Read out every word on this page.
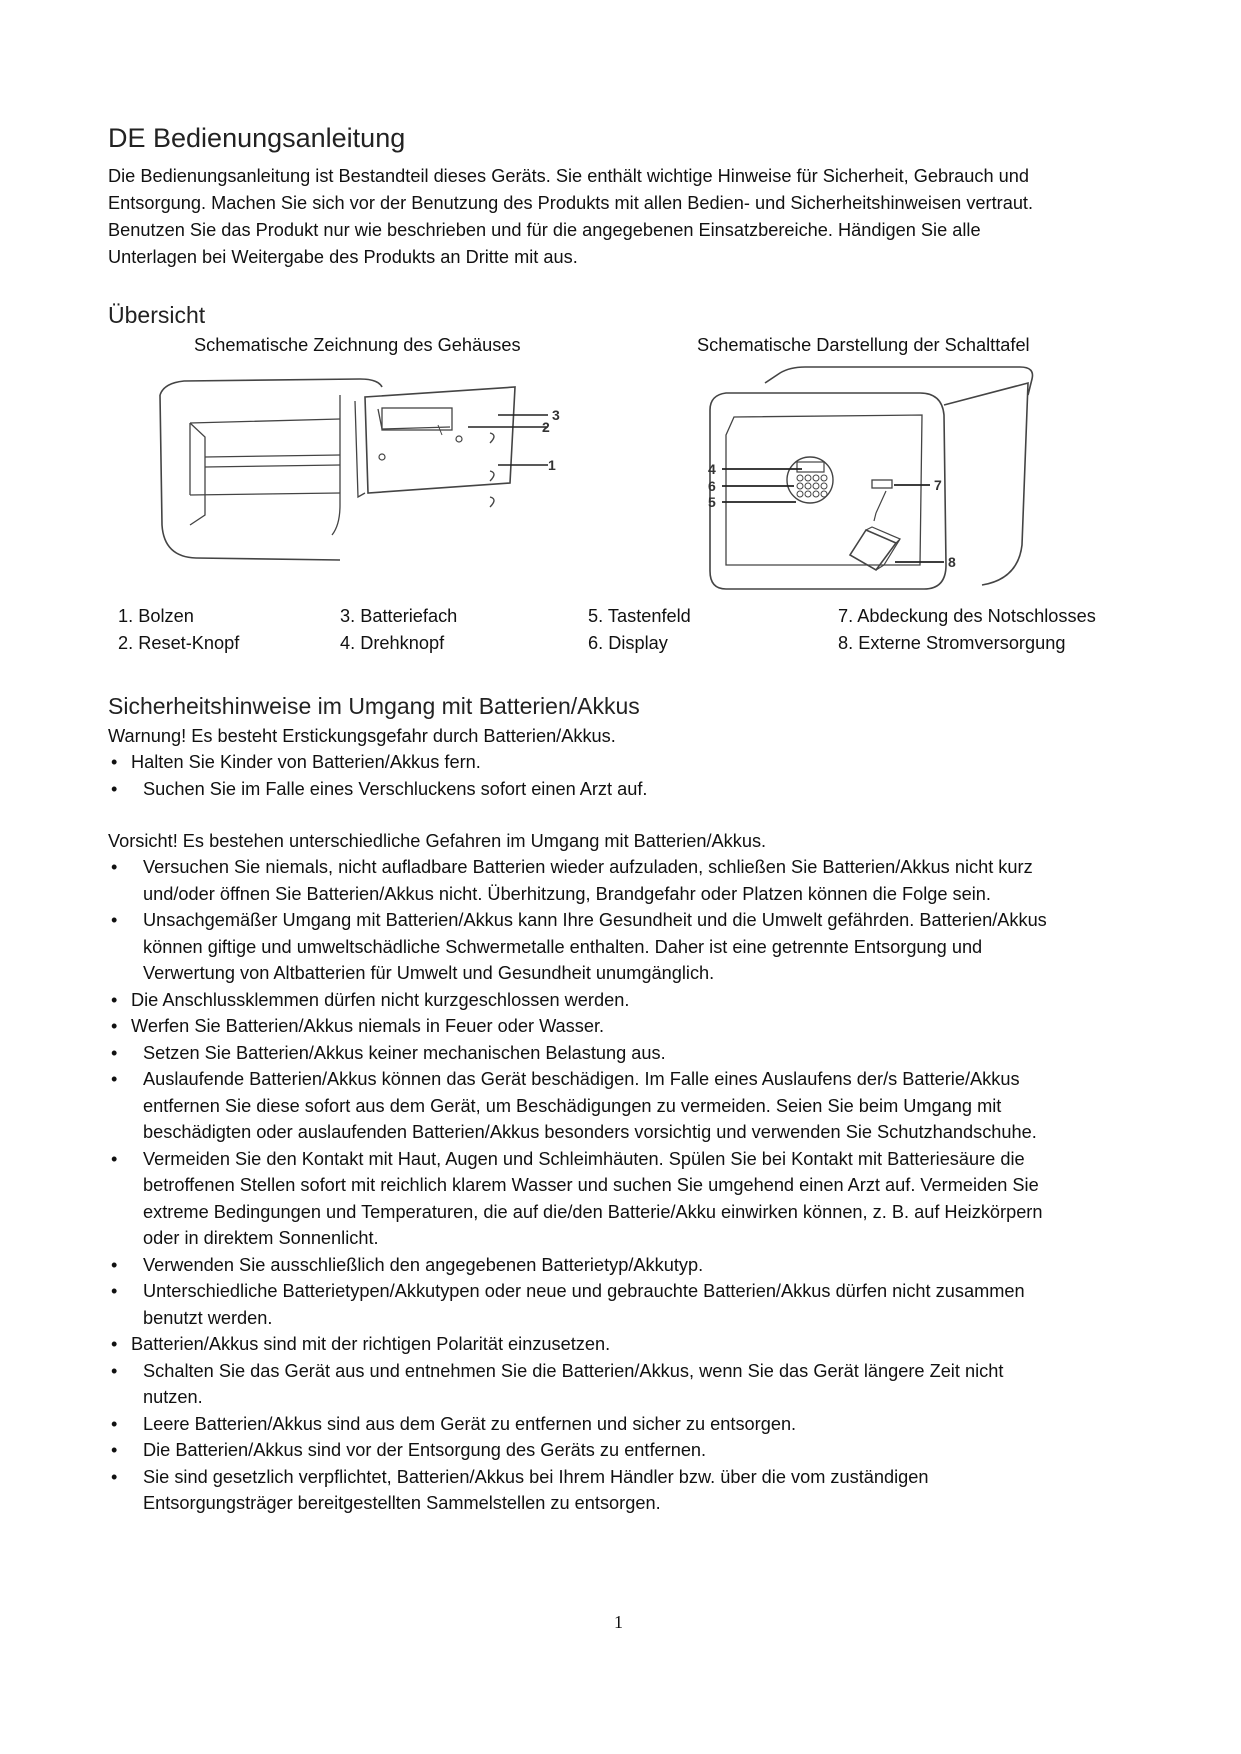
DE Bedienungsanleitung
Die Bedienungsanleitung ist Bestandteil dieses Geräts. Sie enthält wichtige Hinweise für Sicherheit, Gebrauch und
Entsorgung. Machen Sie sich vor der Benutzung des Produkts mit allen Bedien- und Sicherheitshinweisen vertraut.
Benutzen Sie das Produkt nur wie beschrieben und für die angegebenen Einsatzbereiche. Händigen Sie alle
Unterlagen bei Weitergabe des Produkts an Dritte mit aus.
Übersicht
Schematische Zeichnung des Gehäuses	Schematische Darstellung der Schalttafel
3
2
1	4
6
5
7
8
1. Bolzen
2. Reset-Knopf
3. Batteriefach
4. Drehknopf
5. Tastenfeld
6. Display
7. Abdeckung des Notschlosses
8. Externe Stromversorgung
Sicherheitshinweise im Umgang mit Batterien/Akkus
Warnung! Es besteht Erstickungsgefahr durch Batterien/Akkus.
• Halten Sie Kinder von Batterien/Akkus fern.
• Suchen Sie im Falle eines Verschluckens sofort einen Arzt auf.
Vorsicht! Es bestehen unterschiedliche Gefahren im Umgang mit Batterien/Akkus.
• Versuchen Sie niemals, nicht aufladbare Batterien wieder aufzuladen, schließen Sie Batterien/Akkus nicht kurz
und/oder öffnen Sie Batterien/Akkus nicht. Überhitzung, Brandgefahr oder Platzen können die Folge sein.
• Unsachgemäßer Umgang mit Batterien/Akkus kann Ihre Gesundheit und die Umwelt gefährden. Batterien/Akkus
können giftige und umweltschädliche Schwermetalle enthalten. Daher ist eine getrennte Entsorgung und
Verwertung von Altbatterien für Umwelt und Gesundheit unumgänglich.
• Die Anschlussklemmen dürfen nicht kurzgeschlossen werden.
• Werfen Sie Batterien/Akkus niemals in Feuer oder Wasser.
• Setzen Sie Batterien/Akkus keiner mechanischen Belastung aus.
• Auslaufende Batterien/Akkus können das Gerät beschädigen. Im Falle eines Auslaufens der/s Batterie/Akkus
entfernen Sie diese sofort aus dem Gerät, um Beschädigungen zu vermeiden. Seien Sie beim Umgang mit
beschädigten oder auslaufenden Batterien/Akkus besonders vorsichtig und verwenden Sie Schutzhandschuhe.
• Vermeiden Sie den Kontakt mit Haut, Augen und Schleimhäuten. Spülen Sie bei Kontakt mit Batteriesäure die
betroffenen Stellen sofort mit reichlich klarem Wasser und suchen Sie umgehend einen Arzt auf. Vermeiden Sie
extreme Bedingungen und Temperaturen, die auf die/den Batterie/Akku einwirken können, z. B. auf Heizkörpern
oder in direktem Sonnenlicht.
• Verwenden Sie ausschließlich den angegebenen Batterietyp/Akkutyp.
• Unterschiedliche Batterietypen/Akkutypen oder neue und gebrauchte Batterien/Akkus dürfen nicht zusammen
benutzt werden.
• Batterien/Akkus sind mit der richtigen Polarität einzusetzen.
• Schalten Sie das Gerät aus und entnehmen Sie die Batterien/Akkus, wenn Sie das Gerät längere Zeit nicht
nutzen.
• Leere Batterien/Akkus sind aus dem Gerät zu entfernen und sicher zu entsorgen.
• Die Batterien/Akkus sind vor der Entsorgung des Geräts zu entfernen.
• Sie sind gesetzlich verpflichtet, Batterien/Akkus bei Ihrem Händler bzw. über die vom zuständigen
Entsorgungsträger bereitgestellten Sammelstellen zu entsorgen.
1
